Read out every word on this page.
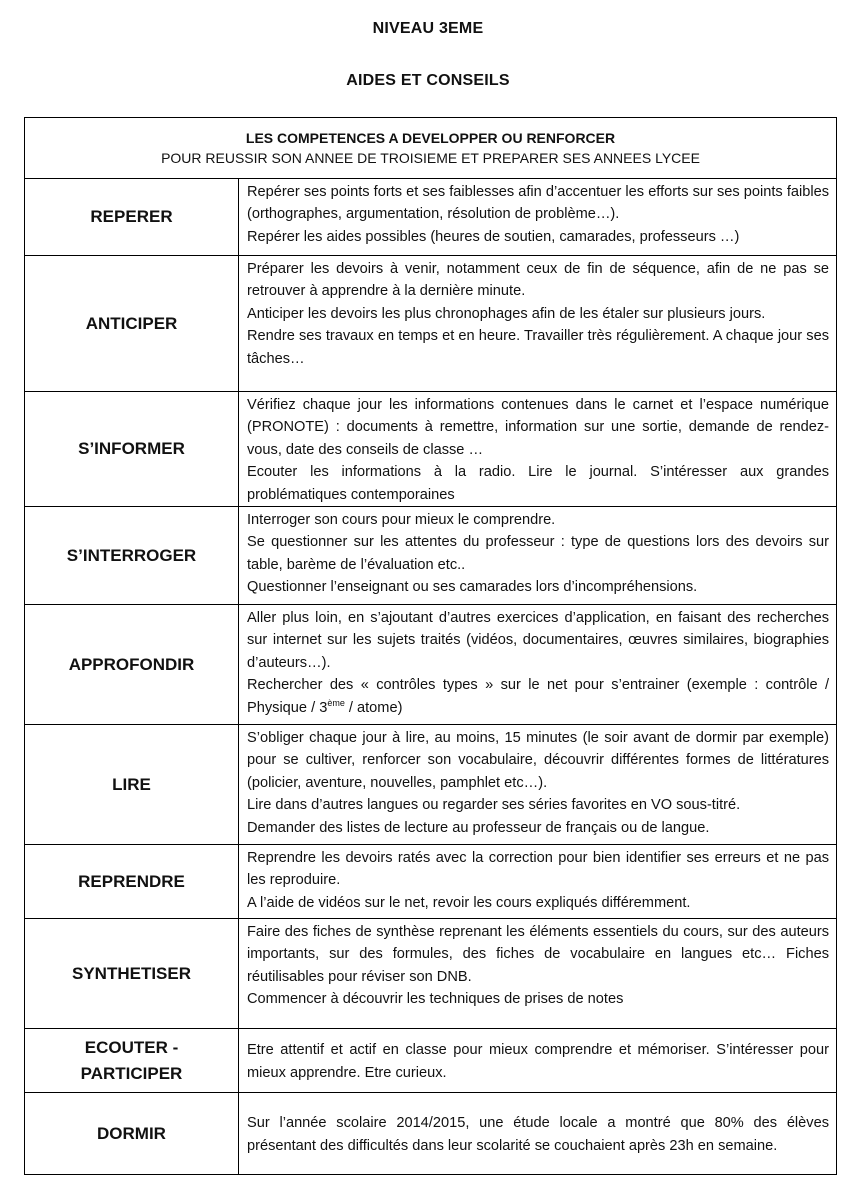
NIVEAU 3EME
AIDES ET CONSEILS
LES COMPETENCES A DEVELOPPER OU RENFORCER
POUR REUSSIR SON ANNEE DE TROISIEME ET PREPARER SES ANNEES LYCEE	

REPERER	Repérer ses points forts et ses faiblesses afin d’accentuer les efforts sur ses points faibles (orthographes, argumentation, résolution de problème…).
Repérer les aides possibles (heures de soutien, camarades, professeurs …)

ANTICIPER	Préparer les devoirs à venir, notamment ceux de fin de séquence, afin de ne pas se retrouver à apprendre à la dernière minute.
Anticiper les devoirs les plus chronophages afin de les étaler sur plusieurs jours.
Rendre ses travaux en temps et en heure. Travailler très régulièrement. A chaque jour ses tâches…

S’INFORMER	Vérifiez chaque jour les informations contenues dans le carnet et l’espace numérique (PRONOTE) : documents à remettre, information sur une sortie, demande de rendez-vous, date des conseils de classe …
Ecouter les informations à la radio. Lire le journal. S’intéresser aux grandes problématiques contemporaines

S’INTERROGER	Interroger son cours pour mieux le comprendre.
Se questionner sur les attentes du professeur : type de questions lors des devoirs sur table, barème de l’évaluation etc..
Questionner l’enseignant ou ses camarades lors d’incompréhensions.

APPROFONDIR	Aller plus loin, en s’ajoutant d’autres exercices d’application, en faisant des recherches sur internet sur les sujets traités (vidéos, documentaires, œuvres similaires, biographies d’auteurs…).
Rechercher des « contrôles types » sur le net pour s’entrainer (exemple : contrôle / Physique / 3ème / atome)

LIRE	S’obliger chaque jour à lire, au moins, 15 minutes (le soir avant de dormir par exemple) pour se cultiver, renforcer son vocabulaire, découvrir différentes formes de littératures (policier, aventure, nouvelles, pamphlet etc…).
Lire dans d’autres langues ou regarder ses séries favorites en VO sous-titré.
Demander des listes de lecture au professeur de français ou de langue.

REPRENDRE	Reprendre les devoirs ratés avec la correction pour bien identifier ses erreurs et ne pas les reproduire.
A l’aide de vidéos sur le net, revoir les cours expliqués différemment.

SYNTHETISER	Faire des fiches de synthèse reprenant les éléments essentiels du cours, sur des auteurs importants, sur des formules, des fiches de vocabulaire en langues etc… Fiches réutilisables pour réviser son DNB.
Commencer à découvrir les techniques de prises de notes

ECOUTER -
PARTICIPER	Etre attentif et actif en classe pour mieux comprendre et mémoriser. S’intéresser pour mieux apprendre. Etre curieux.

DORMIR	Sur l’année scolaire 2014/2015, une étude locale a montré que 80% des élèves présentant des difficultés dans leur scolarité se couchaient après 23h en semaine.
